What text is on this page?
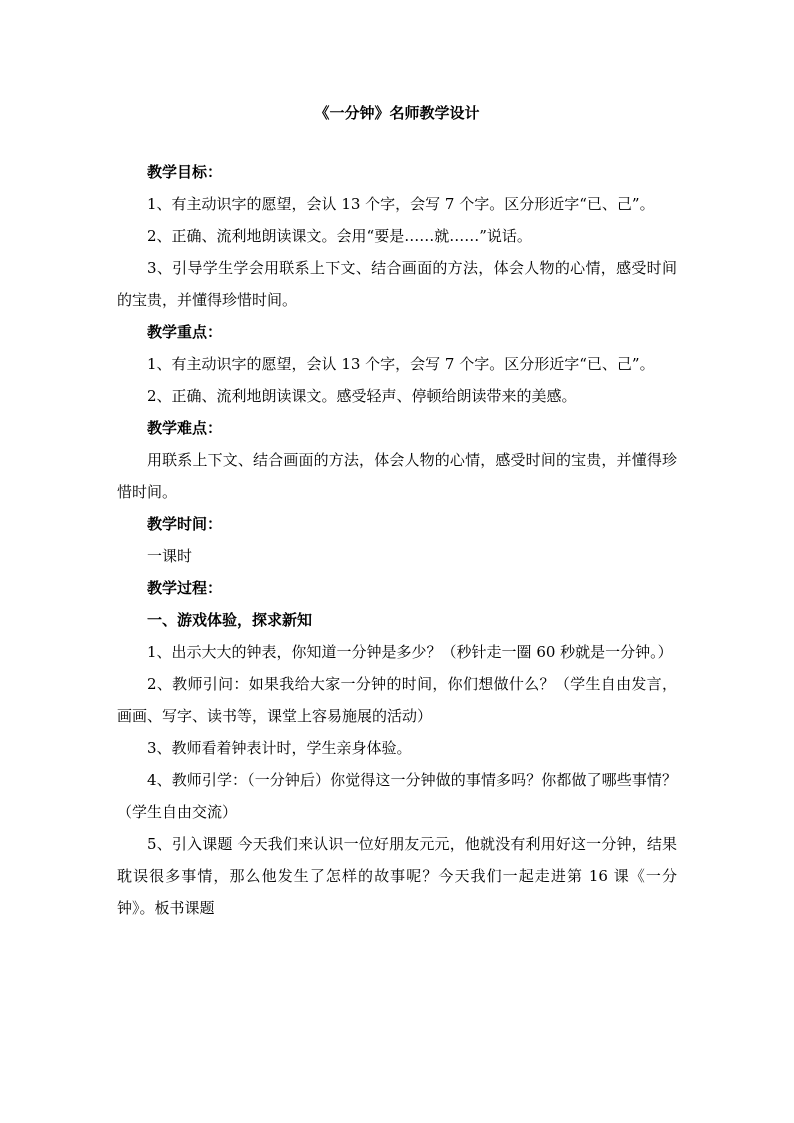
《一分钟》名师教学设计

教学目标：

1、有主动识字的愿望，会认 13 个字，会写 7 个字。区分形近字“已、己”。

2、正确、流利地朗读课文。会用“要是……就……”说话。

3、引导学生学会用联系上下文、结合画面的方法，体会人物的心情，感受时间的宝贵，并懂得珍惜时间。

教学重点：

1、有主动识字的愿望，会认 13 个字，会写 7 个字。区分形近字“已、己”。

2、正确、流利地朗读课文。感受轻声、停顿给朗读带来的美感。

教学难点：

用联系上下文、结合画面的方法，体会人物的心情，感受时间的宝贵，并懂得珍惜时间。

教学时间：

一课时

教学过程：

一、游戏体验，探求新知

1、出示大大的钟表，你知道一分钟是多少？（秒针走一圈 60 秒就是一分钟。）

2、教师引问：如果我给大家一分钟的时间，你们想做什么？（学生自由发言，画画、写字、读书等，课堂上容易施展的活动）

3、教师看着钟表计时，学生亲身体验。

4、教师引学：（一分钟后）你觉得这一分钟做的事情多吗？你都做了哪些事情？（学生自由交流）

5、引入课题 今天我们来认识一位好朋友元元，他就没有利用好这一分钟，结果耽误很多事情，那么他发生了怎样的故事呢？今天我们一起走进第 16 课《一分钟》。板书课题
